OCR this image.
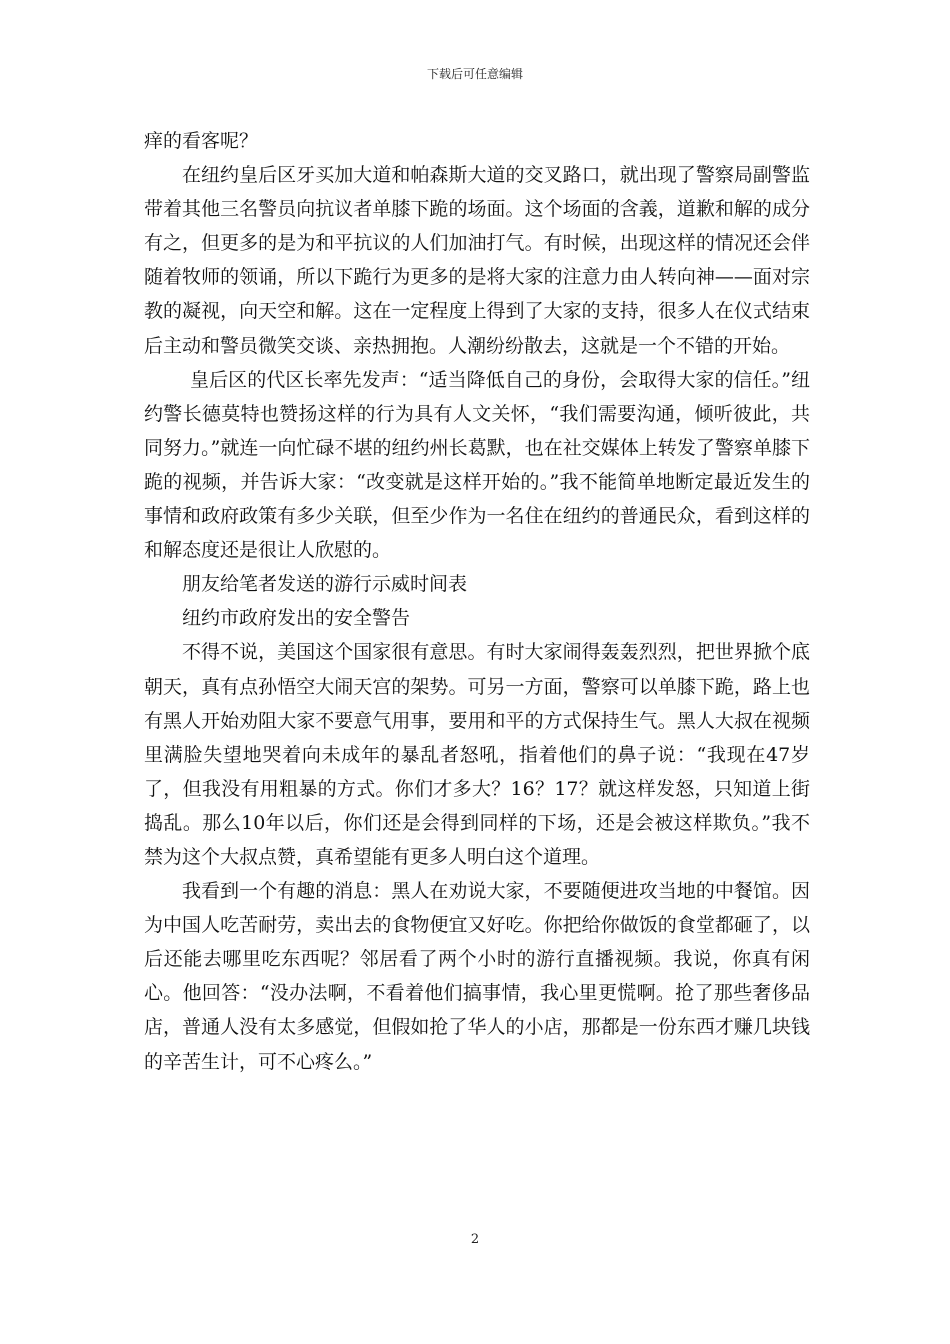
下载后可任意编辑

痒的看客呢？

在纽约皇后区牙买加大道和帕森斯大道的交叉路口，就出现了警察局副警监带着其他三名警员向抗议者单膝下跪的场面。这个场面的含義，道歉和解的成分有之，但更多的是为和平抗议的人们加油打气。有时候，出现这样的情况还会伴随着牧师的领诵，所以下跪行为更多的是将大家的注意力由人转向神——面对宗教的凝视，向天空和解。这在一定程度上得到了大家的支持，很多人在仪式结束后主动和警员微笑交谈、亲热拥抱。人潮纷纷散去，这就是一个不错的开始。

皇后区的代区长率先发声：“适当降低自己的身份，会取得大家的信任。”纽约警长德莫特也赞扬这样的行为具有人文关怀，“我们需要沟通，倾听彼此，共同努力。”就连一向忙碌不堪的纽约州长葛默，也在社交媒体上转发了警察单膝下跪的视频，并告诉大家：“改变就是这样开始的。”我不能简单地断定最近发生的事情和政府政策有多少关联，但至少作为一名住在纽约的普通民众，看到这样的和解态度还是很让人欣慰的。

朋友给笔者发送的游行示威时间表

纽约市政府发出的安全警告

不得不说，美国这个国家很有意思。有时大家闹得轰轰烈烈，把世界掀个底朝天，真有点孙悟空大闹天宫的架势。可另一方面，警察可以单膝下跪，路上也有黑人开始劝阻大家不要意气用事，要用和平的方式保持生气。黑人大叔在视频里满脸失望地哭着向未成年的暴乱者怒吼，指着他们的鼻子说：“我现在47岁了，但我没有用粗暴的方式。你们才多大？16？17？就这样发怒，只知道上街捣乱。那么10年以后，你们还是会得到同样的下场，还是会被这样欺负。”我不禁为这个大叔点赞，真希望能有更多人明白这个道理。

我看到一个有趣的消息：黑人在劝说大家，不要随便进攻当地的中餐馆。因为中国人吃苦耐劳，卖出去的食物便宜又好吃。你把给你做饭的食堂都砸了，以后还能去哪里吃东西呢？邻居看了两个小时的游行直播视频。我说，你真有闲心。他回答：“没办法啊，不看着他们搞事情，我心里更慌啊。抢了那些奢侈品店，普通人没有太多感觉，但假如抢了华人的小店，那都是一份东西才赚几块钱的辛苦生计，可不心疼么。”

2
